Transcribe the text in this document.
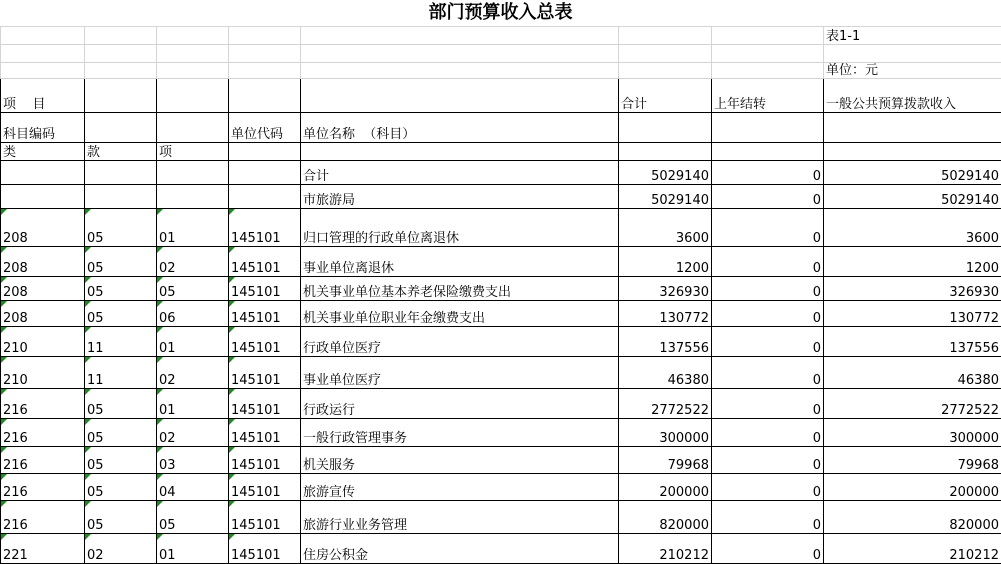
部门预算收入总表
							表1-1

							单位：元
项    目					合计	上年结转	一般公共预算拨款收入
科目编码			单位代码	单位名称  （科目）			
类	款	项					
				合计	5029140	0	5029140
				市旅游局	5029140	0	5029140
208	05	01	145101	归口管理的行政单位离退休	3600	0	3600
208	05	02	145101	事业单位离退休	1200	0	1200
208	05	05	145101	机关事业单位基本养老保险缴费支出	326930	0	326930
208	05	06	145101	机关事业单位职业年金缴费支出	130772	0	130772
210	11	01	145101	行政单位医疗	137556	0	137556
210	11	02	145101	事业单位医疗	46380	0	46380
216	05	01	145101	行政运行	2772522	0	2772522
216	05	02	145101	一般行政管理事务	300000	0	300000
216	05	03	145101	机关服务	79968	0	79968
216	05	04	145101	旅游宣传	200000	0	200000
216	05	05	145101	旅游行业业务管理	820000	0	820000
221	02	01	145101	住房公积金	210212	0	210212
